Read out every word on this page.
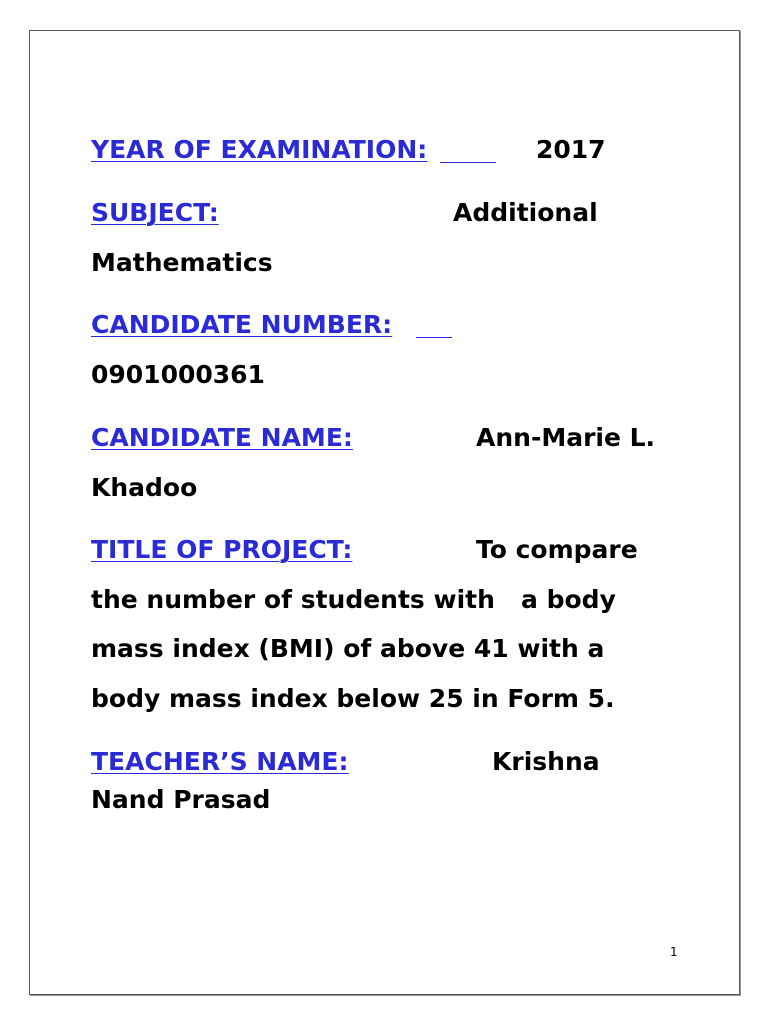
YEAR OF EXAMINATION:	2017
SUBJECT:	Additional
Mathematics
CANDIDATE NUMBER:
0901000361
CANDIDATE NAME:	Ann-Marie L.
Khadoo
TITLE OF PROJECT:	To compare
the number of students with   a body
mass index (BMI) of above 41 with a
body mass index below 25 in Form 5.
TEACHER’S NAME:	Krishna
Nand Prasad
1
